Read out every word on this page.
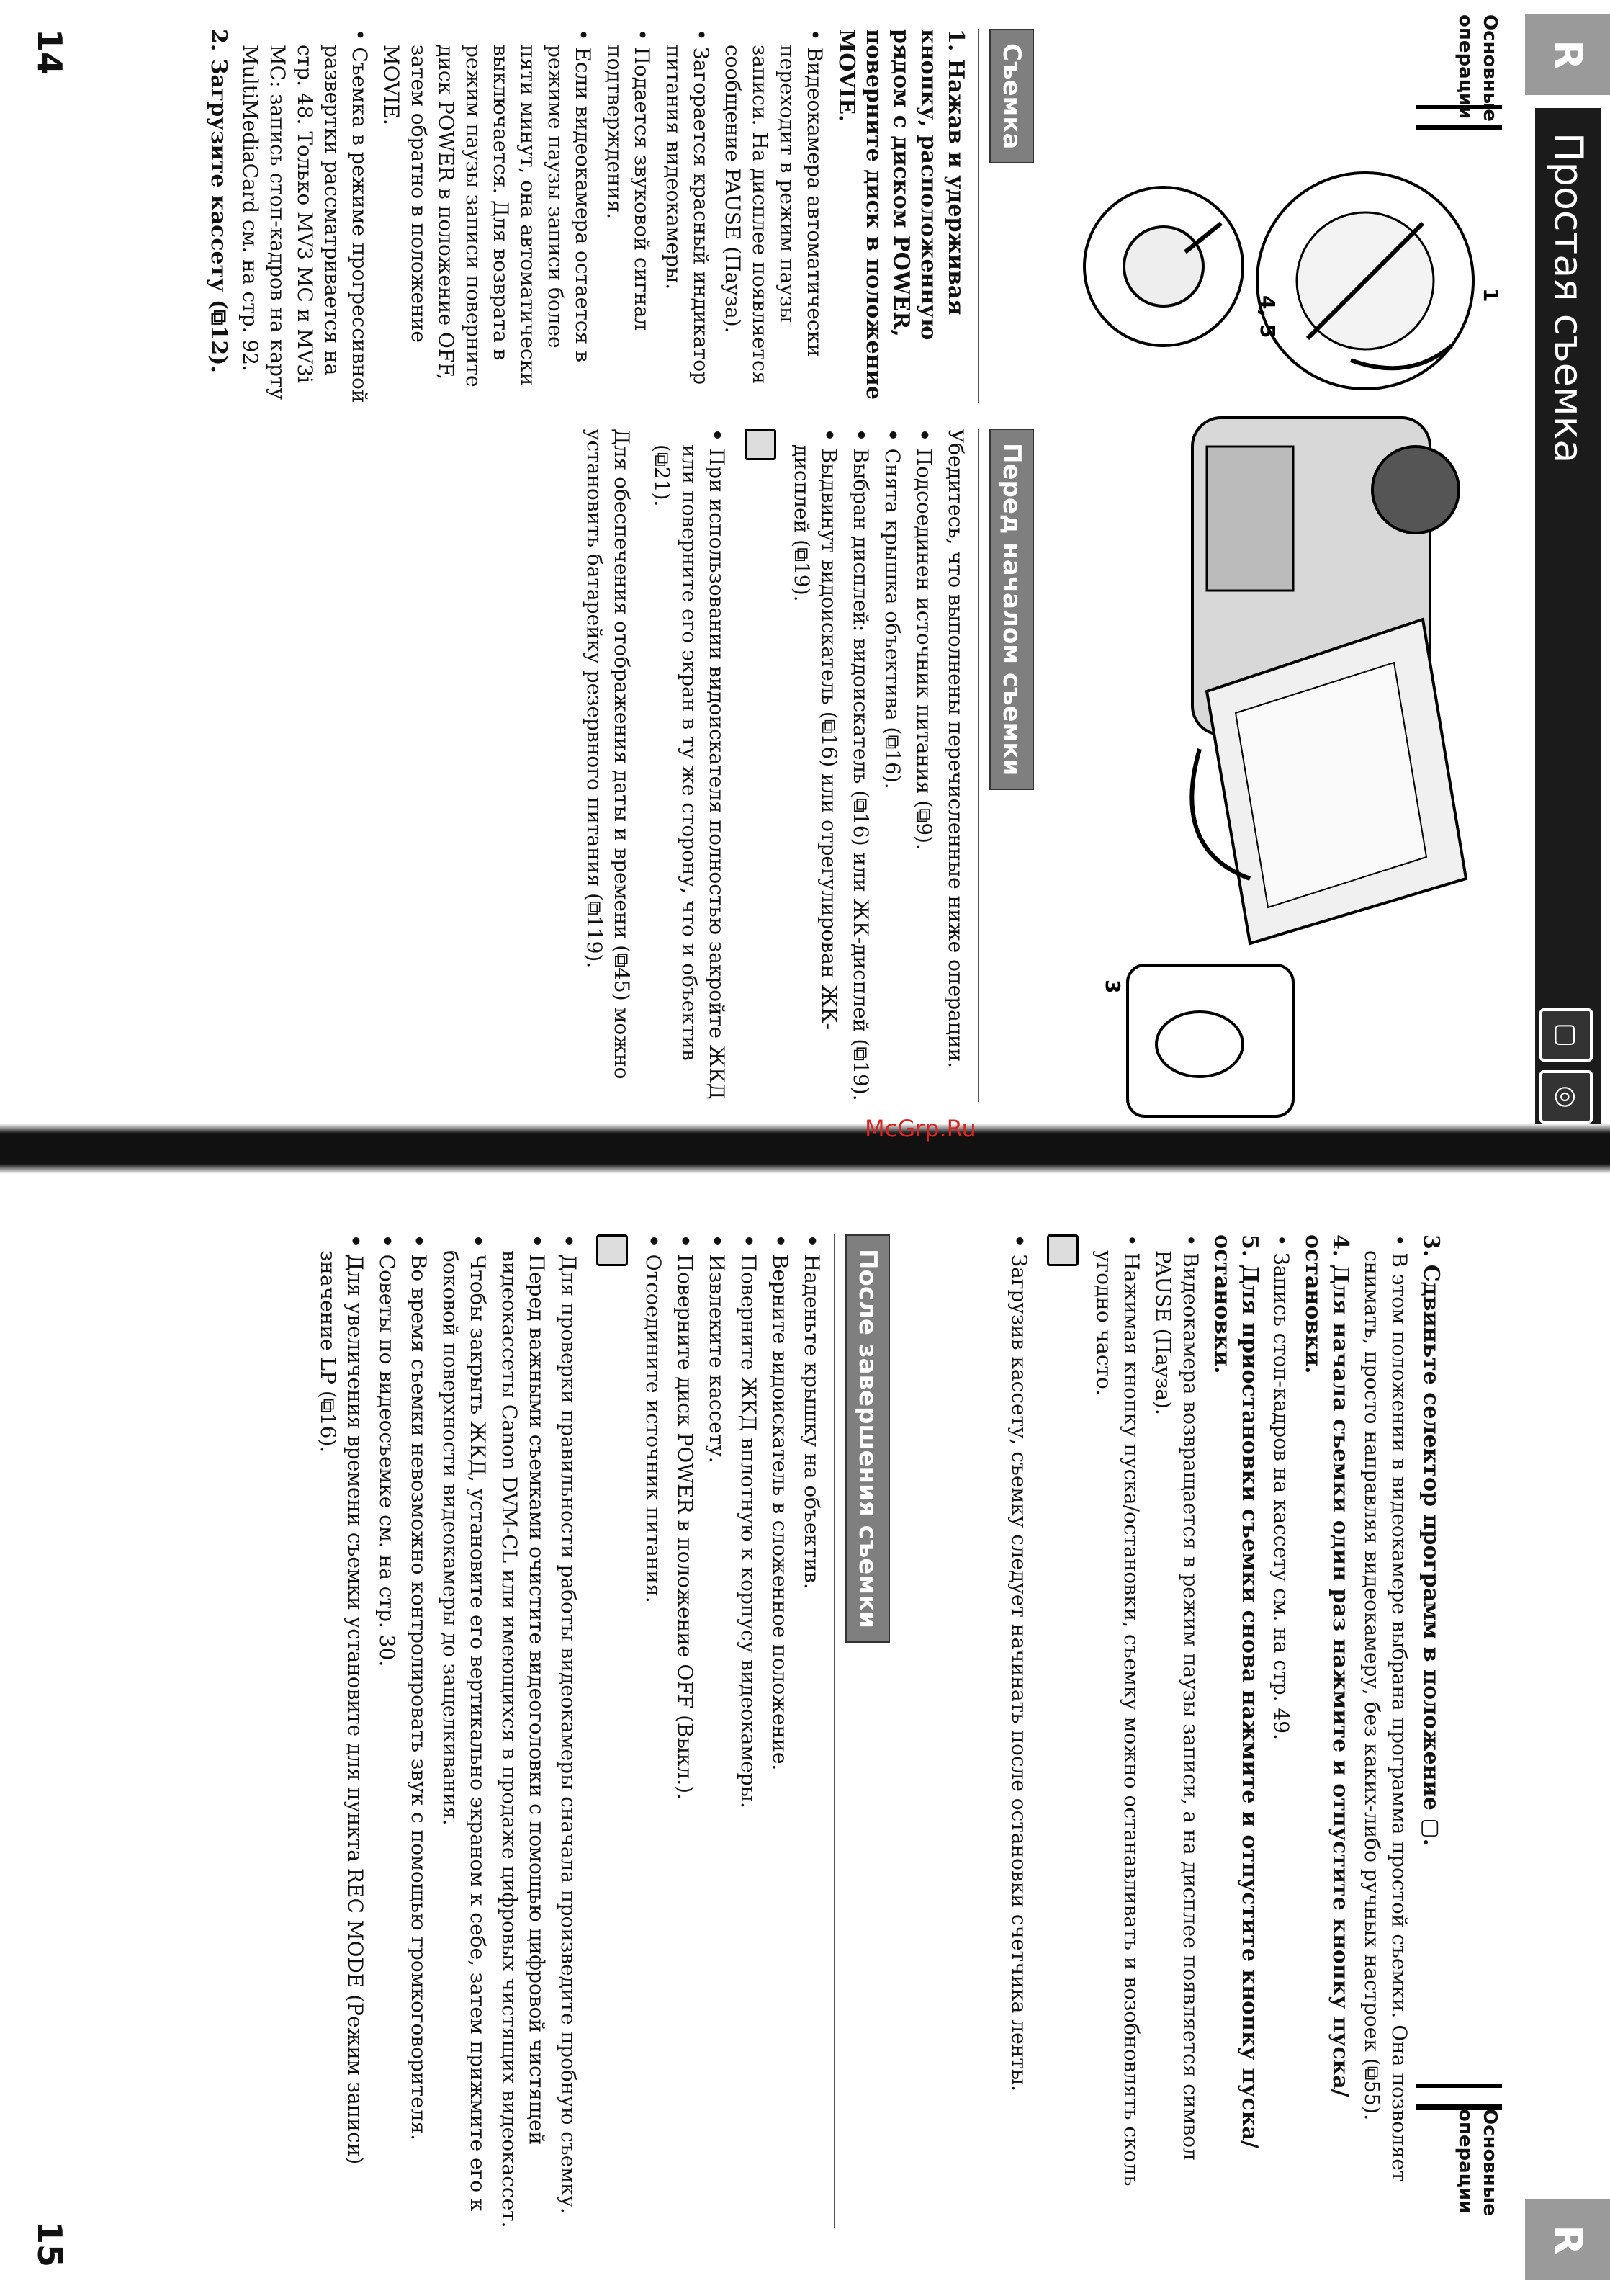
Основные операции
Простая съемка
▢
◎
R
1
4, 5
3
Перед началом съемки

Убедитесь, что выполнены перечисленные ниже операции.

• Подсоединен источник питания (⧉9).

• Снята крышка объектива (⧉16).

• Выбран дисплей: видоискатель (⧉16) или ЖК-дисплей (⧉19).

• Выдвинут видоискатель (⧉16) или отрегулирован ЖК-дисплей (⧉19).

• При использовании видоискателя полностью закройте ЖКД или поверните его экран в ту же сторону, что и объектив (⧉21).

Для обеспечения отображения даты и времени (⧉45) можно установить батарейку резервного питания (⧉119).

Съемка

1. Нажав и удерживая кнопку, расположенную рядом с диском POWER, поверните диск в положение MOVIE.

• Видеокамера автоматически переходит в режим паузы записи. На дисплее появляется сообщение PAUSE (Пауза).

• Загорается красный индикатор питания видеокамеры.

• Подается звуковой сигнал подтверждения.

• Если видеокамера остается в режиме паузы записи более пяти минут, она автоматически выключается. Для возврата в режим паузы записи поверните диск POWER в положение OFF, затем обратно в положение MOVIE.

• Съемка в режиме прогрессивной развертки рассматривается на стр. 48. Только MV3 MC и MV3i MC: запись стоп-кадров на карту MultiMediaCard см. на стр. 92.

2. Загрузите кассету (⧉12).

14
McGrp.Ru
R
Основные операции

3. Сдвиньте селектор программ в положение ▢.

• В этом положении в видеокамере выбрана программа простой съемки. Она позволяет снимать, просто направляя видеокамеру, без каких-либо ручных настроек (⧉55).

4. Для начала съемки один раз нажмите и отпустите кнопку пуска/остановки.

• Запись стоп-кадров на кассету см. на стр. 49.

5. Для приостановки съемки снова нажмите и отпустите кнопку пуска/остановки.

• Видеокамера возвращается в режим паузы записи, а на дисплее появляется символ PAUSE (Пауза).

• Нажимая кнопку пуска/остановки, съемку можно останавливать и возобновлять сколь угодно часто.

• Загрузив кассету, съемку следует начинать после остановки счетчика ленты.

После завершения съемки

• Наденьте крышку на объектив.

• Верните видоискатель в сложенное положение.

• Поверните ЖКД вплотную к корпусу видеокамеры.

• Извлеките кассету.

• Поверните диск POWER в положение OFF (Выкл.).

• Отсоедините источник питания.

• Для проверки правильности работы видеокамеры сначала произведите пробную съемку.

• Перед важными съемками очистите видеоголовки с помощью цифровой чистящей видеокассеты Canon DVM-CL или имеющихся в продаже цифровых чистящих видеокассет.

• Чтобы закрыть ЖКД, установите его вертикально экраном к себе, затем прижмите его к боковой поверхности видеокамеры до защелкивания.

• Во время съемки невозможно контролировать звук с помощью громкоговорителя.

• Советы по видеосъемке см. на стр. 30.

• Для увеличения времени съемки установите для пункта REC MODE (Режим записи) значение LP (⧉16).

15
